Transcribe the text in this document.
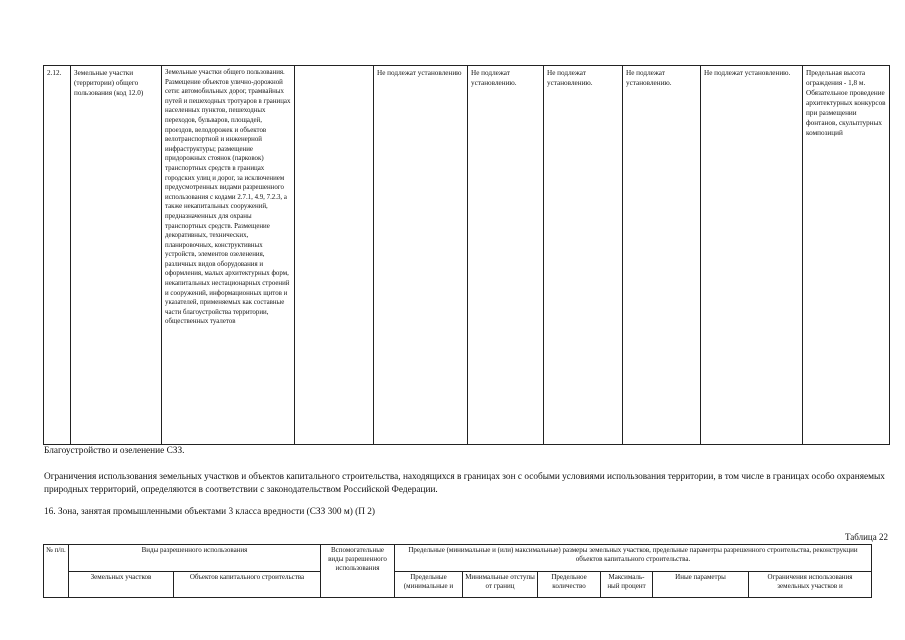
2.12.	Земельные участки (территории) общего пользования (код 12.0)	Земельные участки общего пользования. Размещение объектов улично-дорожной сети: автомобильных дорог, трамвайных путей и пешеходных тротуаров в границах населенных пунктов, пешеходных переходов, бульваров, площадей, проездов, велодорожек и объектов велотранспортной и инженерной инфраструктуры; размещение придорожных стоянок (парковок) транспортных средств в границах городских улиц и дорог, за исключением предусмотренных видами разрешенного использования с кодами 2.7.1, 4.9, 7.2.3, а также некапитальных сооружений, предназначенных для охраны транспортных средств. Размещение декоративных, технических, планировочных, конструктивных устройств, элементов озеленения, различных видов оборудования и оформления, малых архитектурных форм, некапитальных нестационарных строений и сооружений, информационных щитов и указателей, применяемых как составные части благоустройства территории, общественных туалетов		Не подлежат установлению	Не подлежат установлению.	Не подлежат установлению.	Не подлежат установлению.	Не подлежат установлению.	Предельная высота ограждения - 1,8 м. Обязательное проведение архитектурных конкурсов при размещении фонтанов, скульптурных композиций
Благоустройство и озеленение СЗЗ.
Ограничения использования земельных участков и объектов капитального строительства, находящихся в границах зон с особыми условиями использования территории, в том числе в границах особо охраняемых природных территорий, определяются в соответствии с законодательством Российской Федерации.
16. Зона, занятая промышленными объектами 3 класса вредности (СЗЗ 300 м) (П 2)
Таблица 22
№ п/п.	Виды разрешенного использования		Вспомогательные виды разрешенного использования	Предельные (минимальные и (или) максимальные) размеры земельных участков, предельные параметры разрешенного строительства, реконструкции объектов капитального строительства.					
	Земельных участков	Объектов капитального строительства		Предельные (минимальные и	Минимальные отступы от границ	Предельное количество	Максималь-ный процент	Иные параметры	Ограничения использования земельных участков и
